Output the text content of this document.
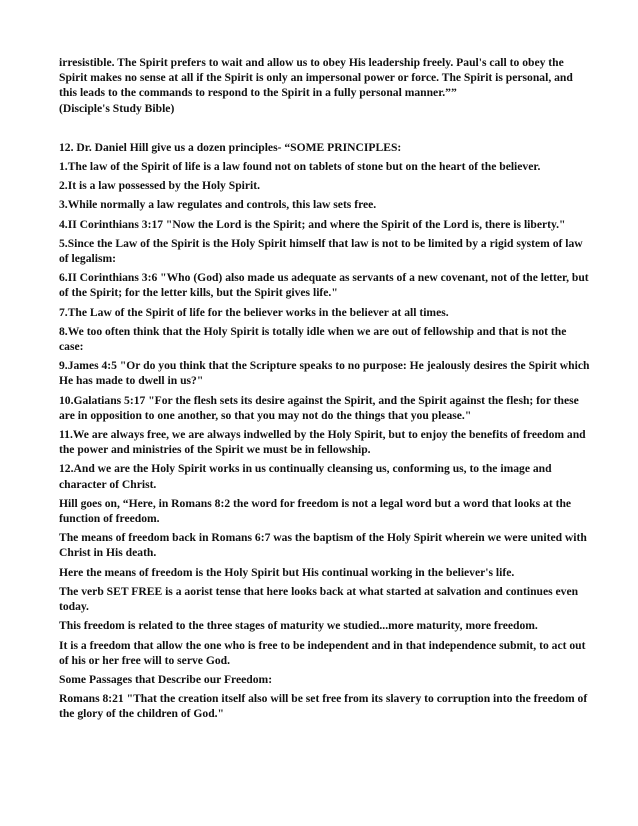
irresistible. The Spirit prefers to wait and allow us to obey His leadership freely. Paul's call to obey the Spirit makes no sense at all if the Spirit is only an impersonal power or force. The Spirit is personal, and this leads to the commands to respond to the Spirit in a fully personal manner.””

(Disciple's Study Bible)

12. Dr. Daniel Hill give us a dozen principles- “SOME PRINCIPLES:

1.The law of the Spirit of life is a law found not on tablets of stone but on the heart of the believer.

2.It is a law possessed by the Holy Spirit.

3.While normally a law regulates and controls, this law sets free.

4.II Corinthians 3:17 "Now the Lord is the Spirit; and where the Spirit of the Lord is, there is liberty."

5.Since the Law of the Spirit is the Holy Spirit himself that law is not to be limited by a rigid system of law of legalism:

6.II Corinthians 3:6 "Who (God) also made us adequate as servants of a new covenant, not of the letter, but of the Spirit; for the letter kills, but the Spirit gives life."

7.The Law of the Spirit of life for the believer works in the believer at all times.

8.We too often think that the Holy Spirit is totally idle when we are out of fellowship and that is not the case:

9.James 4:5 "Or do you think that the Scripture speaks to no purpose: He jealously desires the Spirit which He has made to dwell in us?"

10.Galatians 5:17 "For the flesh sets its desire against the Spirit, and the Spirit against the flesh; for these are in opposition to one another, so that you may not do the things that you please."

11.We are always free, we are always indwelled by the Holy Spirit, but to enjoy the benefits of freedom and the power and ministries of the Spirit we must be in fellowship.

12.And we are the Holy Spirit works in us continually cleansing us, conforming us, to the image and character of Christ.

Hill goes on, “Here, in Romans 8:2 the word for freedom is not a legal word but a word that looks at the function of freedom.

The means of freedom back in Romans 6:7 was the baptism of the Holy Spirit wherein we were united with Christ in His death.

Here the means of freedom is the Holy Spirit but His continual working in the believer's life.

The verb SET FREE is a aorist tense that here looks back at what started at salvation and continues even today.

This freedom is related to the three stages of maturity we studied...more maturity, more freedom.

It is a freedom that allow the one who is free to be independent and in that independence submit, to act out of his or her free will to serve God.

Some Passages that Describe our Freedom:

Romans 8:21 "That the creation itself also will be set free from its slavery to corruption into the freedom of the glory of the children of God."
